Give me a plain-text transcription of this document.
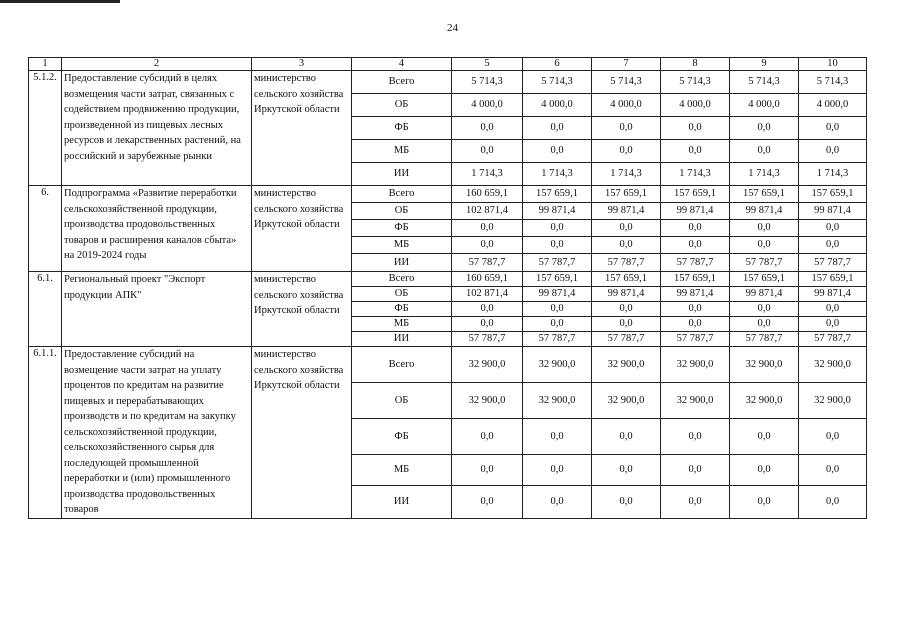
24
1	2	3	4	5	6	7	8	9	10
5.1.2.	Предоставление субсидий в целях возмещения части затрат, связанных с содействием продвижению продукции, произведенной из пищевых лесных ресурсов и лекарственных растений, на российский и зарубежные рынки	министерство сельского хозяйства Иркутской области	Всего	5 714,3	5 714,3	5 714,3	5 714,3	5 714,3	5 714,3
			ОБ	4 000,0	4 000,0	4 000,0	4 000,0	4 000,0	4 000,0
			ФБ	0,0	0,0	0,0	0,0	0,0	0,0
			МБ	0,0	0,0	0,0	0,0	0,0	0,0
			ИИ	1 714,3	1 714,3	1 714,3	1 714,3	1 714,3	1 714,3
6.	Подпрограмма «Развитие переработки сельскохозяйственной продукции, производства продовольственных товаров и расширения каналов сбыта» на 2019-2024 годы	министерство сельского хозяйства Иркутской области	Всего	160 659,1	157 659,1	157 659,1	157 659,1	157 659,1	157 659,1
			ОБ	102 871,4	99 871,4	99 871,4	99 871,4	99 871,4	99 871,4
			ФБ	0,0	0,0	0,0	0,0	0,0	0,0
			МБ	0,0	0,0	0,0	0,0	0,0	0,0
			ИИ	57 787,7	57 787,7	57 787,7	57 787,7	57 787,7	57 787,7
6.1.	Региональный проект "Экспорт продукции АПК"	министерство сельского хозяйства Иркутской области	Всего	160 659,1	157 659,1	157 659,1	157 659,1	157 659,1	157 659,1
			ОБ	102 871,4	99 871,4	99 871,4	99 871,4	99 871,4	99 871,4
			ФБ	0,0	0,0	0,0	0,0	0,0	0,0
			МБ	0,0	0,0	0,0	0,0	0,0	0,0
			ИИ	57 787,7	57 787,7	57 787,7	57 787,7	57 787,7	57 787,7
6.1.1.	Предоставление субсидий на возмещение части затрат на уплату процентов по кредитам на развитие пищевых и перерабатывающих производств и по кредитам на закупку сельскохозяйственной продукции, сельскохозяйственного сырья для последующей промышленной переработки и (или) промышленного производства продовольственных товаров	министерство сельского хозяйства Иркутской области	Всего	32 900,0	32 900,0	32 900,0	32 900,0	32 900,0	32 900,0
			ОБ	32 900,0	32 900,0	32 900,0	32 900,0	32 900,0	32 900,0
			ФБ	0,0	0,0	0,0	0,0	0,0	0,0
			МБ	0,0	0,0	0,0	0,0	0,0	0,0
			ИИ	0,0	0,0	0,0	0,0	0,0	0,0
